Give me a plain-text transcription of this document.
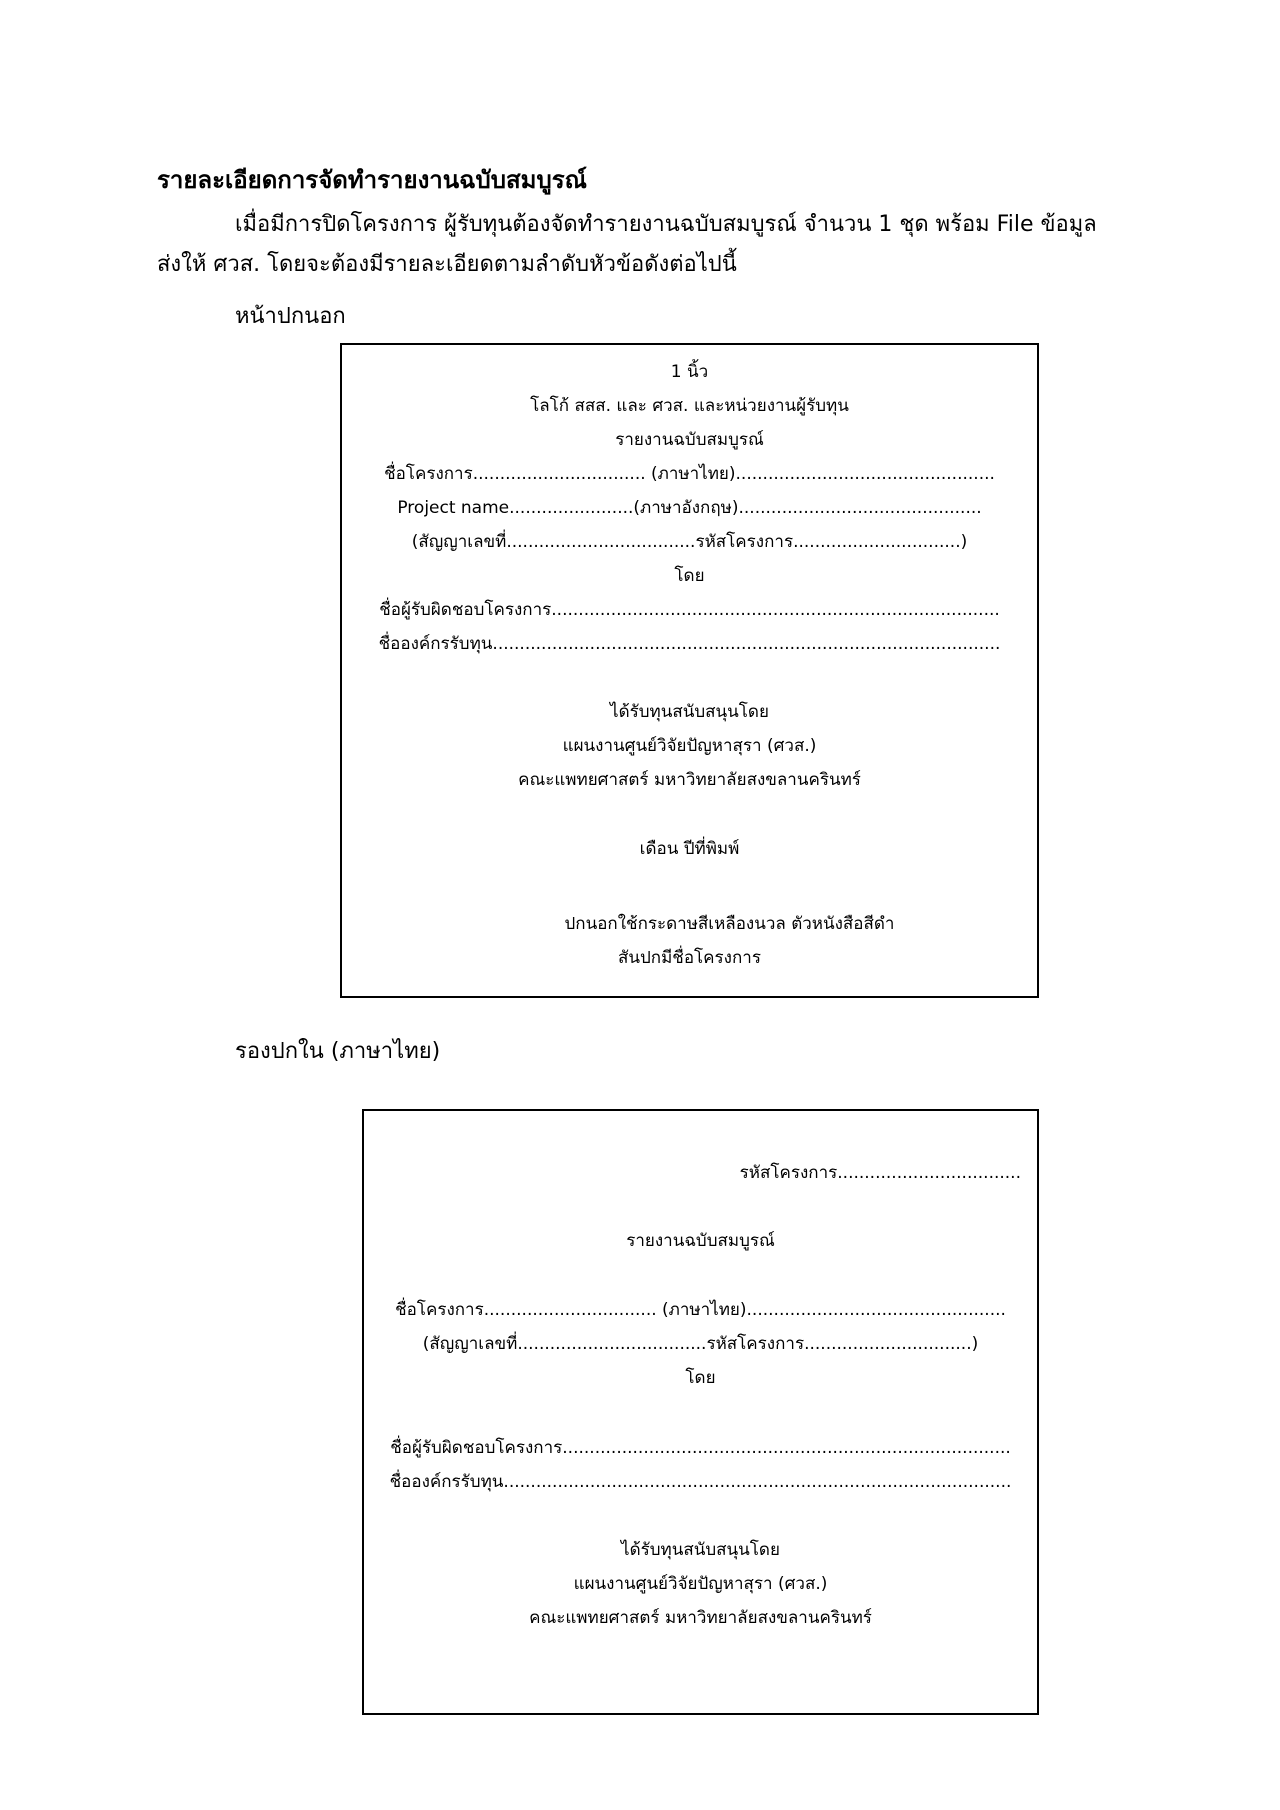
รายละเอียดการจัดทำรายงานฉบับสมบูรณ์
เมื่อมีการปิดโครงการ ผู้รับทุนต้องจัดทำรายงานฉบับสมบูรณ์ จำนวน 1 ชุด พร้อม File ข้อมูล ส่งให้ ศวส. โดยจะต้องมีรายละเอียดตามลำดับหัวข้อดังต่อไปนี้
หน้าปกนอก
1 นิ้ว
โลโก้ สสส. และ ศวส. และหน่วยงานผู้รับทุน
รายงานฉบับสมบูรณ์
ชื่อโครงการ................................ (ภาษาไทย)................................................
Project name.......................(ภาษาอังกฤษ).............................................
(สัญญาเลขที่...................................รหัสโครงการ...............................)
โดย
ชื่อผู้รับผิดชอบโครงการ...................................................................................
ชื่อองค์กรรับทุน..............................................................................................
ได้รับทุนสนับสนุนโดย
แผนงานศูนย์วิจัยปัญหาสุรา (ศวส.)
คณะแพทยศาสตร์ มหาวิทยาลัยสงขลานครินทร์
เดือน ปีที่พิมพ์
ปกนอกใช้กระดาษสีเหลืองนวล ตัวหนังสือสีดำ
สันปกมีชื่อโครงการ
รองปกใน (ภาษาไทย)
รหัสโครงการ..................................
รายงานฉบับสมบูรณ์
ชื่อโครงการ................................ (ภาษาไทย)................................................
(สัญญาเลขที่...................................รหัสโครงการ...............................)
โดย
ชื่อผู้รับผิดชอบโครงการ...................................................................................
ชื่อองค์กรรับทุน..............................................................................................
ได้รับทุนสนับสนุนโดย
แผนงานศูนย์วิจัยปัญหาสุรา (ศวส.)
คณะแพทยศาสตร์ มหาวิทยาลัยสงขลานครินทร์
